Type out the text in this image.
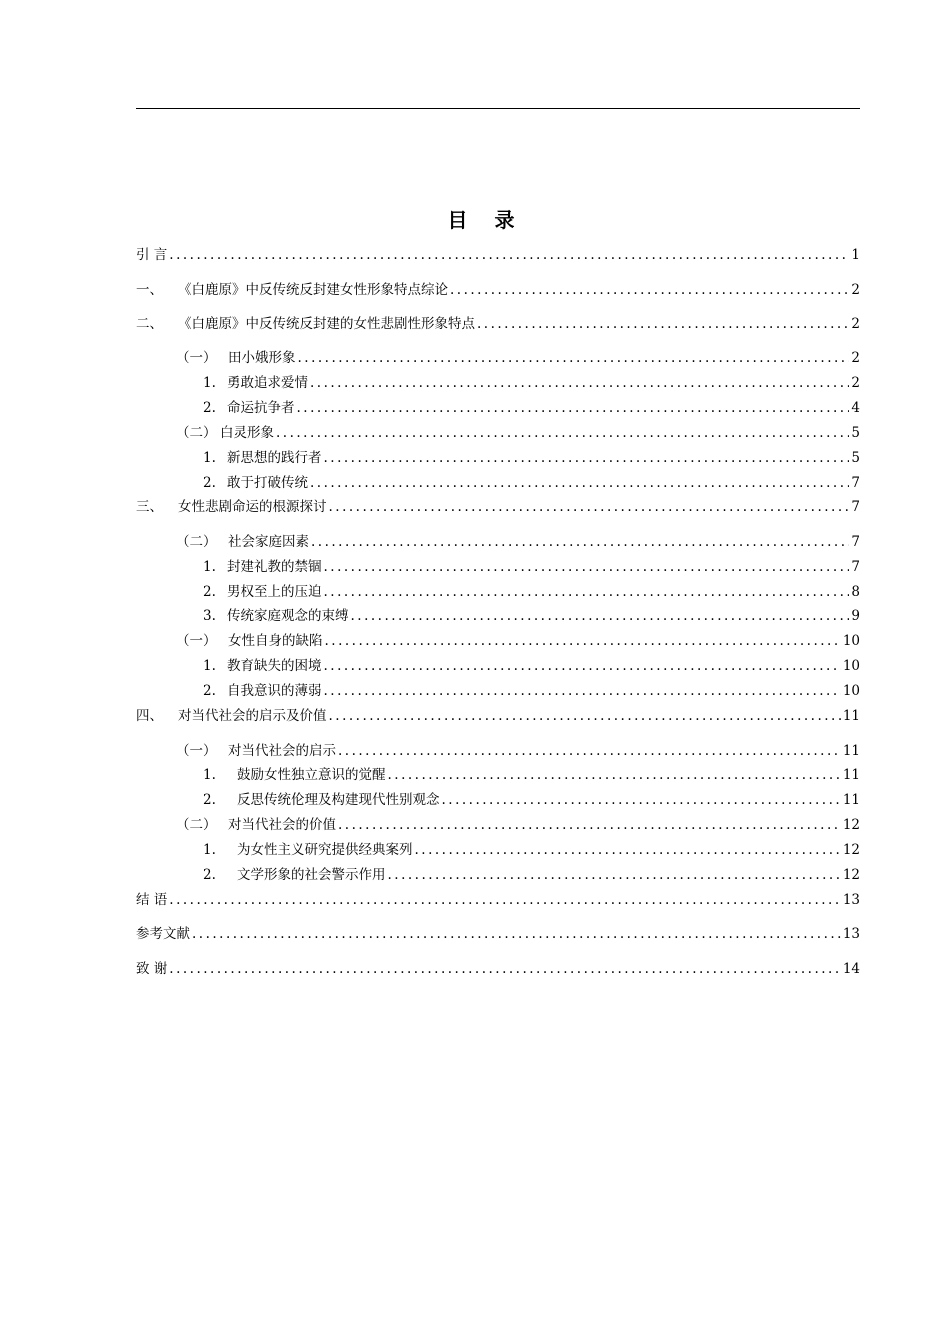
目 录
引 言 .....	1
一、	《白鹿原》中反传统反封建女性形象特点综论 .....	2
二、	《白鹿原》中反传统反封建的女性悲剧性形象特点 .....	2
（一） 田小娥形象 .....	2
1. 勇敢追求爱情 .....	2
2. 命运抗争者 .....	4
（二） 白灵形象 .....	5
1. 新思想的践行者 .....	5
2. 敢于打破传统 .....	7
三、	女性悲剧命运的根源探讨 .....	7
（二） 社会家庭因素 .....	7
1. 封建礼教的禁锢 .....	7
2. 男权至上的压迫 .....	8
3. 传统家庭观念的束缚 .....	9
（一） 女性自身的缺陷 .....	10
1. 教育缺失的困境 .....	10
2. 自我意识的薄弱 .....	10
四、	对当代社会的启示及价值 .....	11
（一） 对当代社会的启示 .....	11
1.	鼓励女性独立意识的觉醒 .....	11
2.	反思传统伦理及构建现代性别观念 .....	11
（二） 对当代社会的价值 .....	12
1.	为女性主义研究提供经典案列 .....	12
2.	文学形象的社会警示作用 .....	12
结 语 .....	13
参考文献 .....	13
致 谢 .....	14
